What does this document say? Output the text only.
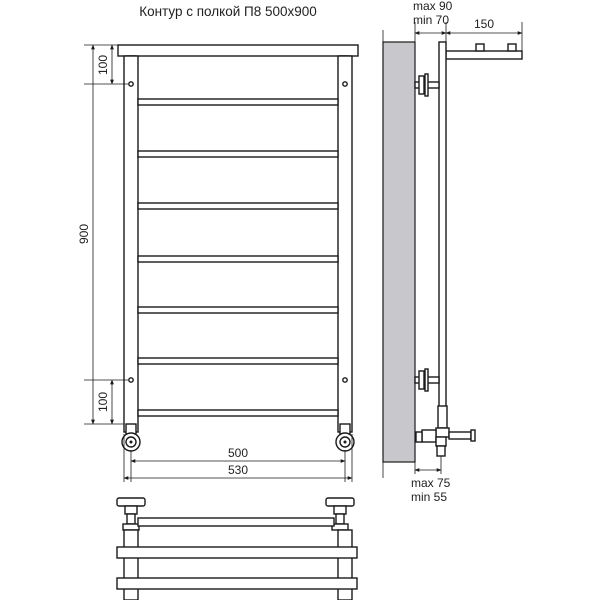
Контур с полкой П8 500х900
900
100
100
500
530
max 90
min 70 150
max 75
min 55
